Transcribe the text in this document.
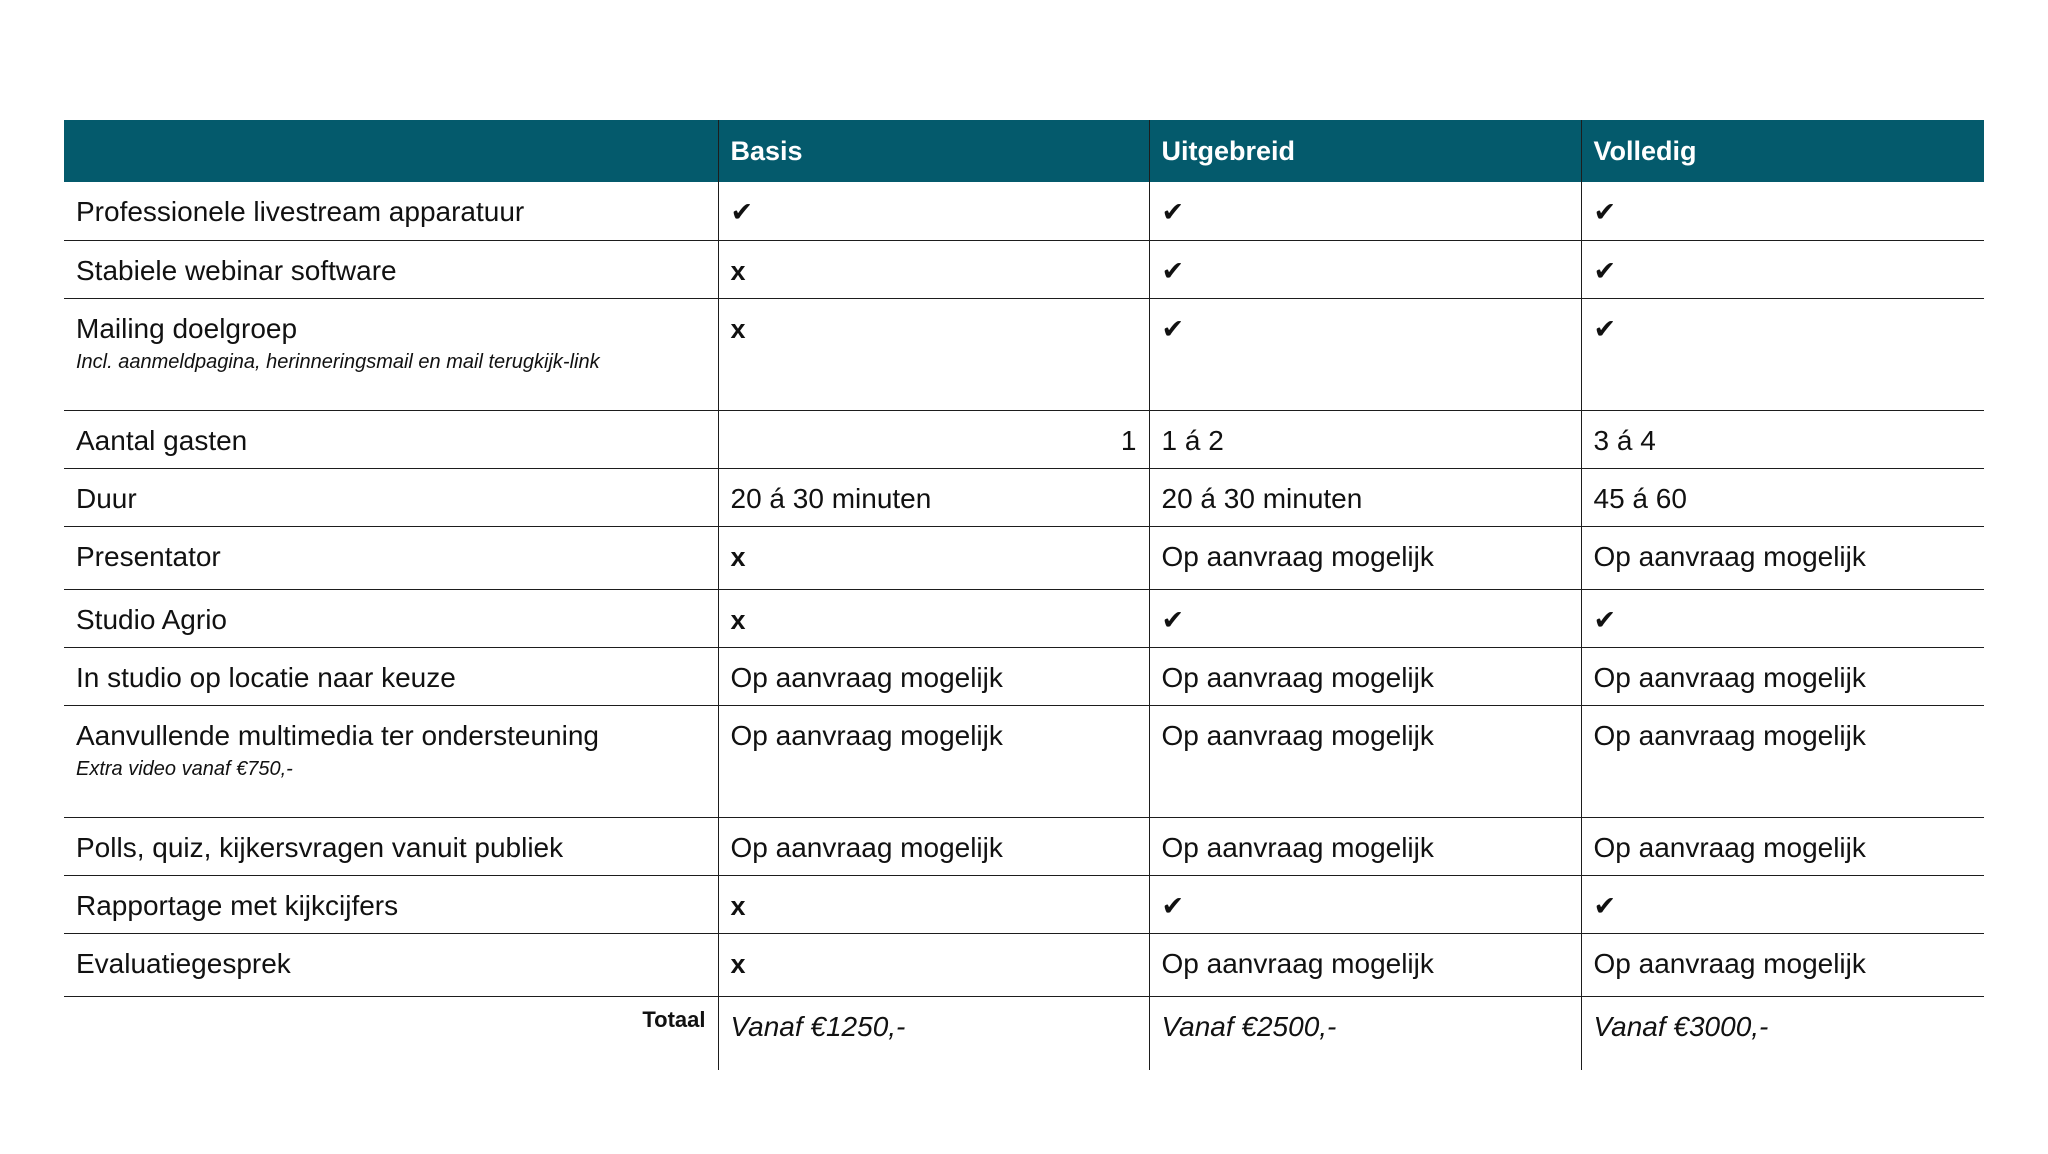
	Basis	Uitgebreid	Volledig
Professionele livestream apparatuur	✔	✔	✔
Stabiele webinar software	x	✔	✔
Mailing doelgroep
Incl. aanmeldpagina, herinneringsmail en mail terugkijk-link	x	✔	✔
Aantal gasten	1	1 á 2	3 á 4
Duur	20 á 30 minuten	20 á 30 minuten	45 á 60
Presentator	x	Op aanvraag mogelijk	Op aanvraag mogelijk
Studio Agrio	x	✔	✔
In studio op locatie naar keuze	Op aanvraag mogelijk	Op aanvraag mogelijk	Op aanvraag mogelijk
Aanvullende multimedia ter ondersteuning
Extra video vanaf €750,-	Op aanvraag mogelijk	Op aanvraag mogelijk	Op aanvraag mogelijk
Polls, quiz, kijkersvragen vanuit publiek	Op aanvraag mogelijk	Op aanvraag mogelijk	Op aanvraag mogelijk
Rapportage met kijkcijfers	x	✔	✔
Evaluatiegesprek	x	Op aanvraag mogelijk	Op aanvraag mogelijk
Totaal	Vanaf €1250,-	Vanaf €2500,-	Vanaf €3000,-
